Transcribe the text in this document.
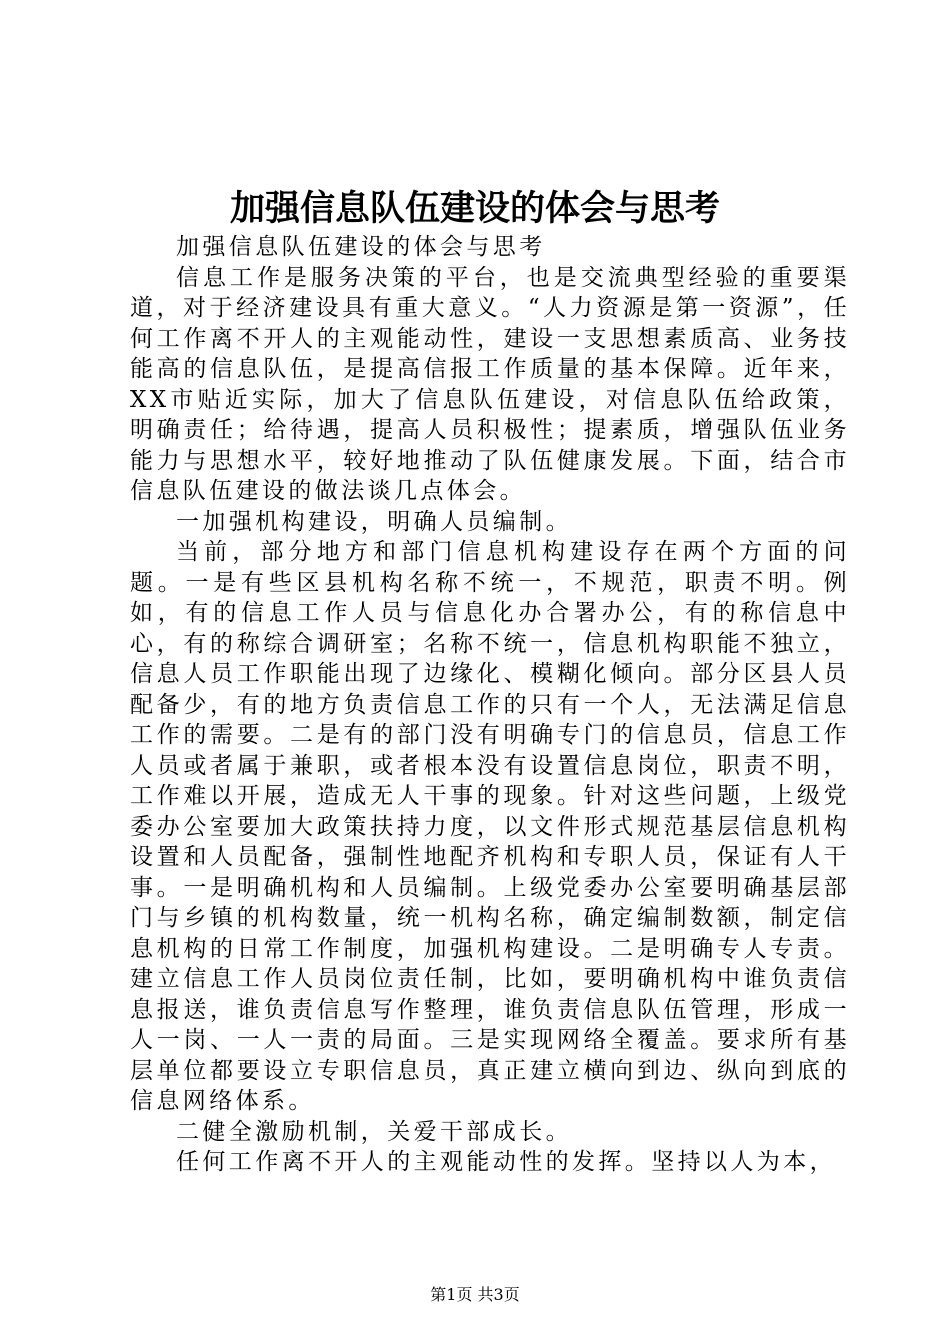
加强信息队伍建设的体会与思考

加强信息队伍建设的体会与思考

信息工作是服务决策的平台，也是交流典型经验的重要渠道，对于经济建设具有重大意义。“人力资源是第一资源”，任何工作离不开人的主观能动性，建设一支思想素质高、业务技能高的信息队伍，是提高信报工作质量的基本保障。近年来，XX市贴近实际，加大了信息队伍建设，对信息队伍给政策，明确责任；给待遇，提高人员积极性；提素质，增强队伍业务能力与思想水平，较好地推动了队伍健康发展。下面，结合市信息队伍建设的做法谈几点体会。

一加强机构建设，明确人员编制。

当前，部分地方和部门信息机构建设存在两个方面的问题。一是有些区县机构名称不统一，不规范，职责不明。例如，有的信息工作人员与信息化办合署办公，有的称信息中心，有的称综合调研室；名称不统一，信息机构职能不独立，信息人员工作职能出现了边缘化、模糊化倾向。部分区县人员配备少，有的地方负责信息工作的只有一个人，无法满足信息工作的需要。二是有的部门没有明确专门的信息员，信息工作人员或者属于兼职，或者根本没有设置信息岗位，职责不明，工作难以开展，造成无人干事的现象。针对这些问题，上级党委办公室要加大政策扶持力度，以文件形式规范基层信息机构设置和人员配备，强制性地配齐机构和专职人员，保证有人干事。一是明确机构和人员编制。上级党委办公室要明确基层部门与乡镇的机构数量，统一机构名称，确定编制数额，制定信息机构的日常工作制度，加强机构建设。二是明确专人专责。建立信息工作人员岗位责任制，比如，要明确机构中谁负责信息报送，谁负责信息写作整理，谁负责信息队伍管理，形成一人一岗、一人一责的局面。三是实现网络全覆盖。要求所有基层单位都要设立专职信息员，真正建立横向到边、纵向到底的信息网络体系。

二健全激励机制，关爱干部成长。

任何工作离不开人的主观能动性的发挥。坚持以人为本，

第1页 共3页
